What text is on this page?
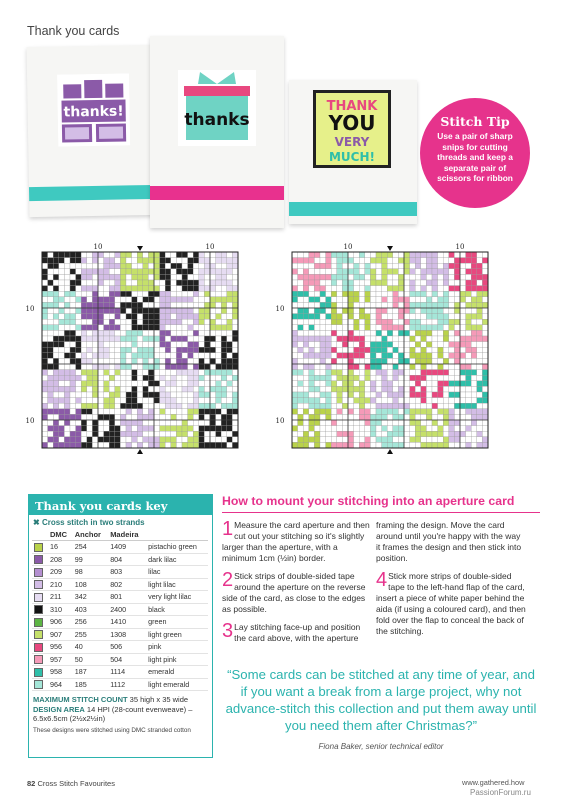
Thank you cards
thanks!	thanks
THANK
YOU
VERY
MUCH!
Stitch Tip
Use a pair of sharp snips for cutting threads and keep a separate pair of scissors for ribbon
10	10
10
10
10	10
10
10
Thank you cards key
✖ Cross stitch in two strands
	DMC	Anchor	Madeira	
	16	254	1409	pistachio green
	208	99	804	dark lilac
	209	98	803	lilac
	210	108	802	light lilac
	211	342	801	very light lilac
	310	403	2400	black
	906	256	1410	green
	907	255	1308	light green
	956	40	506	pink
	957	50	504	light pink
	958	187	1114	emerald
	964	185	1112	light emerald
MAXIMUM STITCH COUNT 35 high x 35 wide
DESIGN AREA 14 HPI (28-count evenweave) – 6.5x6.5cm (2½x2½in)
These designs were stitched using DMC stranded cotton
How to mount your stitching into an aperture card
1 Measure the card aperture and then cut out your stitching so it's slightly larger than the aperture, with a minimum 1cm (½in) border.
2 Stick strips of double-sided tape around the aperture on the reverse side of the card, as close to the edges as possible.
3 Lay stitching face-up and position the card above, with the aperture
framing the design. Move the card around until you're happy with the way it frames the design and then stick into position.
4 Stick more strips of double-sided tape to the left-hand flap of the card, insert a piece of white paper behind the aida (if using a coloured card), and then fold over the flap to conceal the back of the stitching.
“Some cards can be stitched at any time of year, and if you want a break from a large project, why not advance-stitch this collection and put them away until you need them after Christmas?”
Fiona Baker, senior technical editor
82 Cross Stitch Favourites	www.gathered.how
PassionForum.ru
